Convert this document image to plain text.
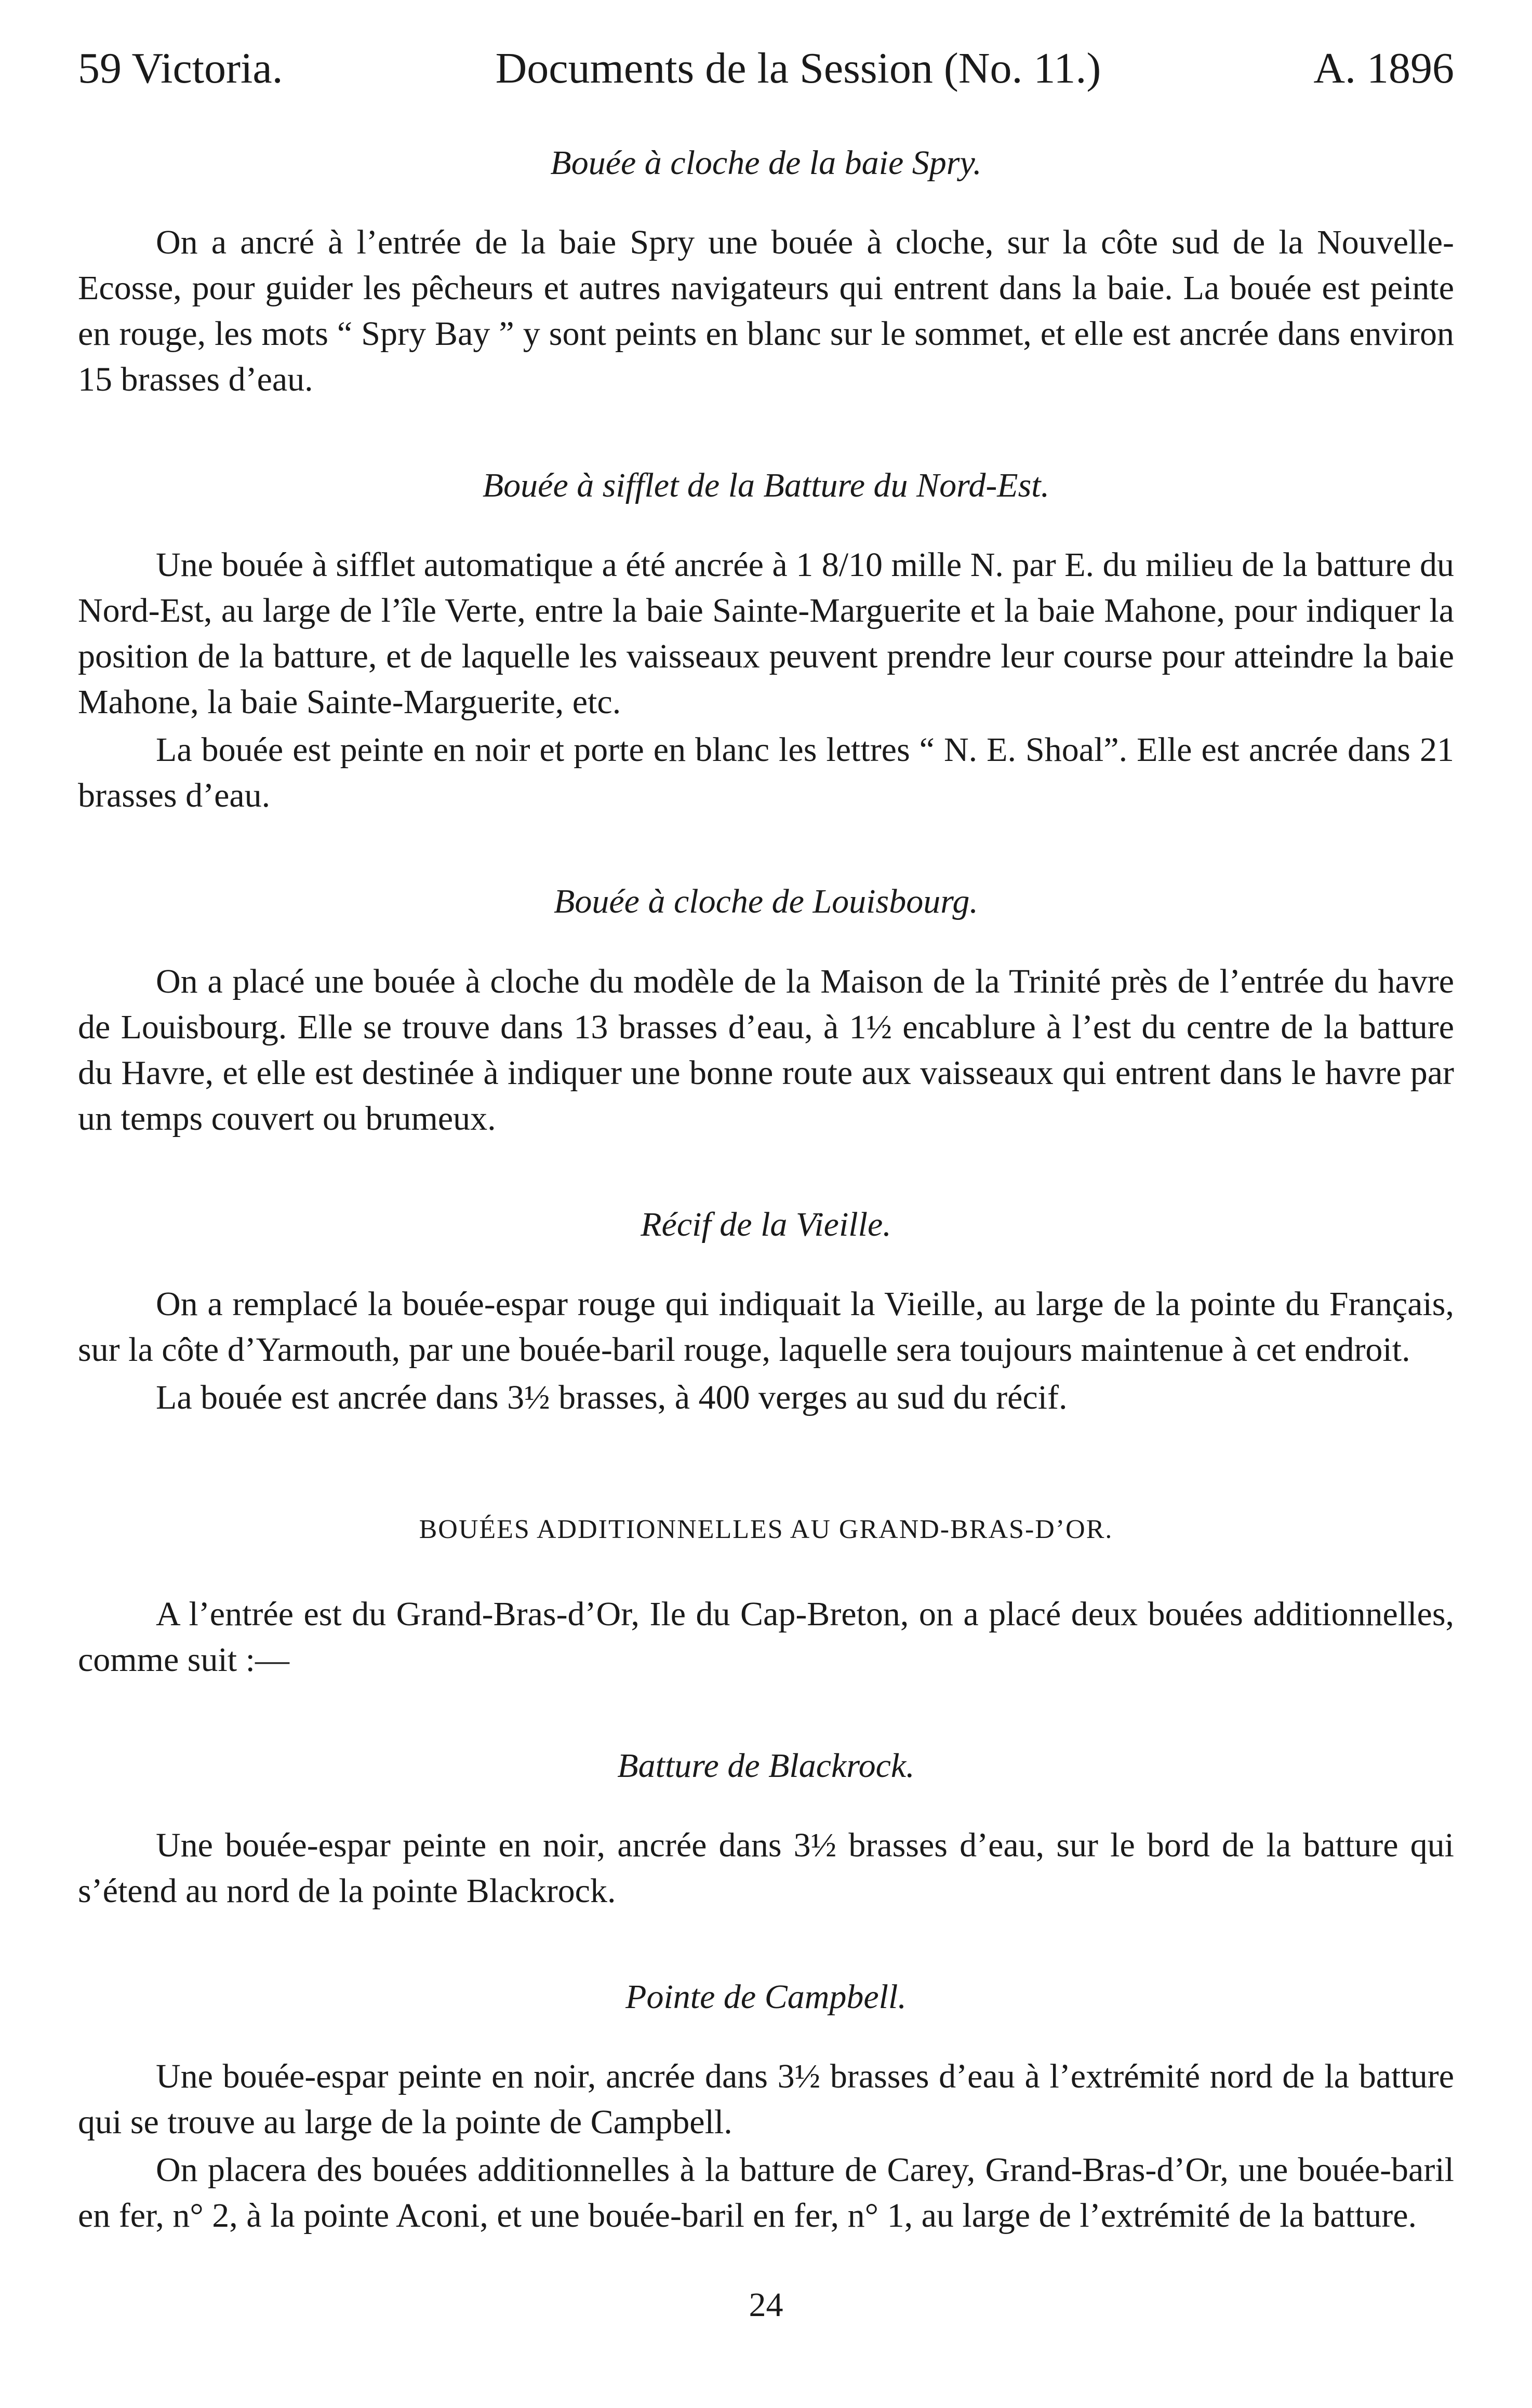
59 Victoria.	Documents de la Session (No. 11.)	A. 1896
Bouée à cloche de la baie Spry.

On a ancré à l’entrée de la baie Spry une bouée à cloche, sur la côte sud de la Nouvelle-Ecosse, pour guider les pêcheurs et autres navigateurs qui entrent dans la baie. La bouée est peinte en rouge, les mots “ Spry Bay ” y sont peints en blanc sur le sommet, et elle est ancrée dans environ 15 brasses d’eau.

Bouée à sifflet de la Batture du Nord-Est.

Une bouée à sifflet automatique a été ancrée à 1 8/10 mille N. par E. du milieu de la batture du Nord-Est, au large de l’île Verte, entre la baie Sainte-Marguerite et la baie Mahone, pour indiquer la position de la batture, et de laquelle les vaisseaux peuvent prendre leur course pour atteindre la baie Mahone, la baie Sainte-Marguerite, etc.

La bouée est peinte en noir et porte en blanc les lettres “ N. E. Shoal”. Elle est ancrée dans 21 brasses d’eau.

Bouée à cloche de Louisbourg.

On a placé une bouée à cloche du modèle de la Maison de la Trinité près de l’entrée du havre de Louisbourg. Elle se trouve dans 13 brasses d’eau, à 1½ encablure à l’est du centre de la batture du Havre, et elle est destinée à indiquer une bonne route aux vaisseaux qui entrent dans le havre par un temps couvert ou brumeux.

Récif de la Vieille.

On a remplacé la bouée-espar rouge qui indiquait la Vieille, au large de la pointe du Français, sur la côte d’Yarmouth, par une bouée-baril rouge, laquelle sera toujours maintenue à cet endroit.

La bouée est ancrée dans 3½ brasses, à 400 verges au sud du récif.

BOUÉES ADDITIONNELLES AU GRAND-BRAS-D’OR.

A l’entrée est du Grand-Bras-d’Or, Ile du Cap-Breton, on a placé deux bouées additionnelles, comme suit :—

Batture de Blackrock.

Une bouée-espar peinte en noir, ancrée dans 3½ brasses d’eau, sur le bord de la batture qui s’étend au nord de la pointe Blackrock.

Pointe de Campbell.

Une bouée-espar peinte en noir, ancrée dans 3½ brasses d’eau à l’extrémité nord de la batture qui se trouve au large de la pointe de Campbell.

On placera des bouées additionnelles à la batture de Carey, Grand-Bras-d’Or, une bouée-baril en fer, n° 2, à la pointe Aconi, et une bouée-baril en fer, n° 1, au large de l’extrémité de la batture.

24
